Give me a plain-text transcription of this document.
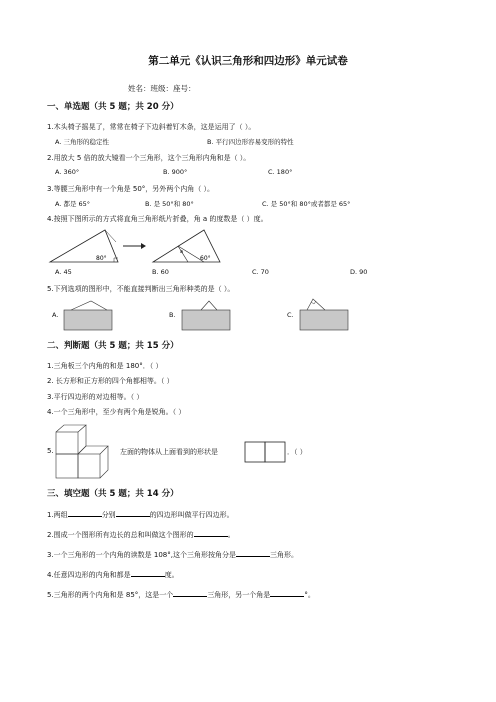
第二单元《认识三角形和四边形》单元试卷
姓名：班级：座号：
一、单选题（共 5 题；共 20 分）
1.木头椅子摇晃了，常常在椅子下边斜着钉木条，这是运用了（ ）。
A. 三角形的稳定性	B. 平行四边形容易变形的特性
2.用放大 5 倍的放大镜看一个三角形，这个三角形内角和是（ ）。
A. 360°	B. 900°	C. 180°
3.等腰三角形中有一个角是 50°，另外两个内角（ ）。
A. 都是 65°	B. 是 50°和 80°	C. 是 50°和 80°或者都是 65°
4.按照下图所示的方式将直角三角形纸片折叠，角 a 的度数是（ ）度。
80°
a
60°
A. 45	B. 60	C. 70	D. 90
5.下列选项的图形中，不能直接判断出三角形种类的是（ ）。
A.	B.	C.
二、判断题（共 5 题；共 15 分）
1.三角板三个内角的和是 180°．（ ）
2. 长方形和正方形的四个角都相等。（ ）
3.平行四边形的对边相等。（ ）
4.一个三角形中，至少有两个角是锐角。（ ）
5.	左面的物体从上面看到的形状是	．（ ）
三、填空题（共 5 题；共 14 分）
1.两组	分别	的四边形叫做平行四边形。
2.围成一个图形所有边长的总和叫做这个图形的	。
3.一个三角形的一个内角的读数是 108°,这个三角形按角分是	三角形。
4.任意四边形的内角和都是	度。
5.三角形的两个内角和是 85°，这是一个	三角形，另一个角是	°。
